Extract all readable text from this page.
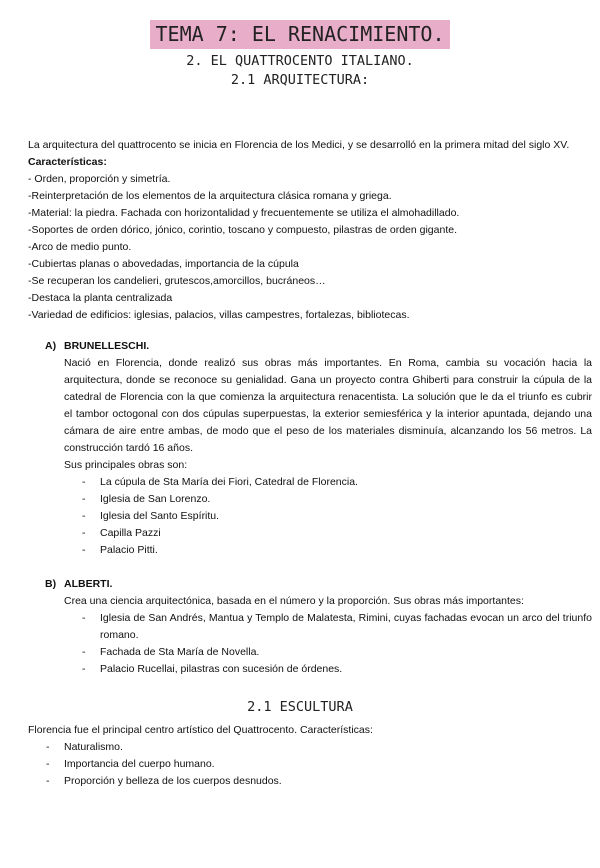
TEMA 7: EL RENACIMIENTO.
2. EL QUATTROCENTO ITALIANO.
2.1 ARQUITECTURA:

La arquitectura del quattrocento se inicia en Florencia de los Medici, y se desarrolló en la primera mitad del siglo XV. Características:

- Orden, proporción y simetría.
-Reinterpretación de los elementos de la arquitectura clásica romana y griega.
-Material: la piedra. Fachada con horizontalidad y frecuentemente se utiliza el almohadillado.
-Soportes de orden dórico, jónico, corintio, toscano y compuesto, pilastras de orden gigante.
-Arco de medio punto.
-Cubiertas planas o abovedadas, importancia de la cúpula
-Se recuperan los candelieri, grutescos,amorcillos, bucráneos…
-Destaca la planta centralizada
-Variedad de edificios: iglesias, palacios, villas campestres, fortalezas, bibliotecas.
A) BRUNELLESCHI.
Nació en Florencia, donde realizó sus obras más importantes. En Roma, cambia su vocación hacia la arquitectura, donde se reconoce su genialidad. Gana un proyecto contra Ghiberti para construir la cúpula de la catedral de Florencia con la que comienza la arquitectura renacentista. La solución que le da el triunfo es cubrir el tambor octogonal con dos cúpulas superpuestas, la exterior semiesférica y la interior apuntada, dejando una cámara de aire entre ambas, de modo que el peso de los materiales disminuía, alcanzando los 56 metros. La construcción tardó 16 años.
Sus principales obras son:
- La cúpula de Sta María dei Fiori, Catedral de Florencia.
- Iglesia de San Lorenzo.
- Iglesia del Santo Espíritu.
- Capilla Pazzi
- Palacio Pitti.
B) ALBERTI.
Crea una ciencia arquitectónica, basada en el número y la proporción. Sus obras más importantes:
- Iglesia de San Andrés, Mantua y Templo de Malatesta, Rimini, cuyas fachadas evocan un arco del triunfo romano.
- Fachada de Sta María de Novella.
- Palacio Rucellai, pilastras con sucesión de órdenes.
2.1 ESCULTURA

Florencia fue el principal centro artístico del Quattrocento. Características:

- Naturalismo.
- Importancia del cuerpo humano.
- Proporción y belleza de los cuerpos desnudos.
